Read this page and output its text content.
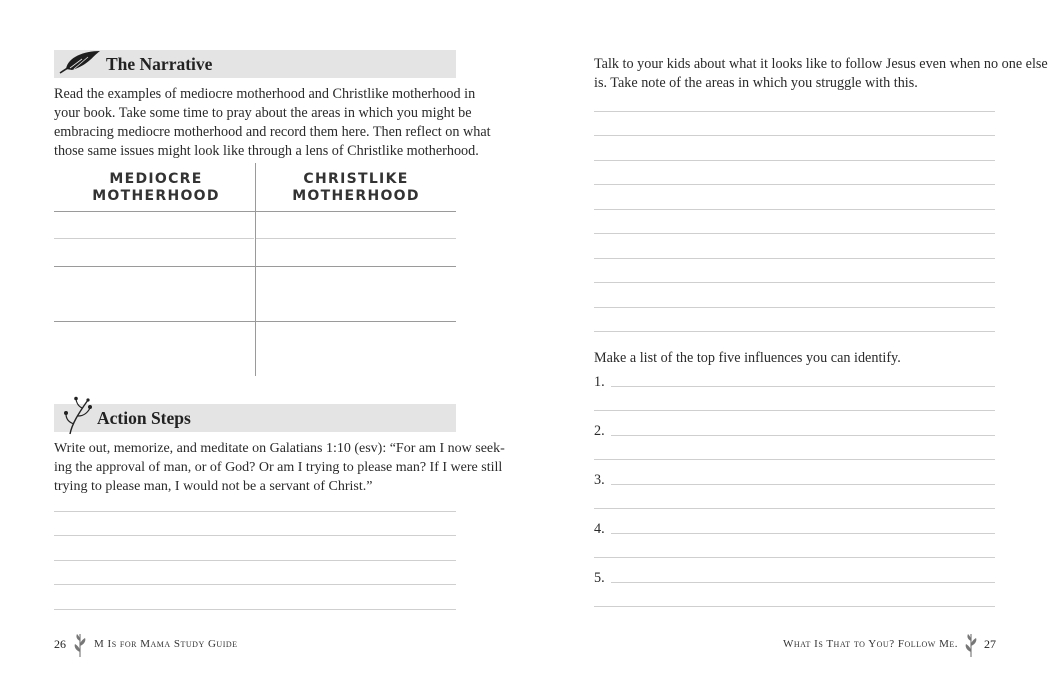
The Narrative
Read the examples of mediocre motherhood and Christlike motherhood in
your book. Take some time to pray about the areas in which you might be
embracing mediocre motherhood and record them here. Then reflect on what
those same issues might look like through a lens of Christlike motherhood.
MEDIOCRE
MOTHERHOOD
CHRISTLIKE
MOTHERHOOD
Action Steps
Write out, memorize, and meditate on Galatians 1:10 (esv): “For am I now seek-
ing the approval of man, or of God? Or am I trying to please man? If I were still
trying to please man, I would not be a servant of Christ.”
26	M Is for Mama Study Guide
Talk to your kids about what it looks like to follow Jesus even when no one else
is. Take note of the areas in which you struggle with this.
Make a list of the top five influences you can identify.
1.
2.
3.
4.
5.
What Is That to You? Follow Me. 27
